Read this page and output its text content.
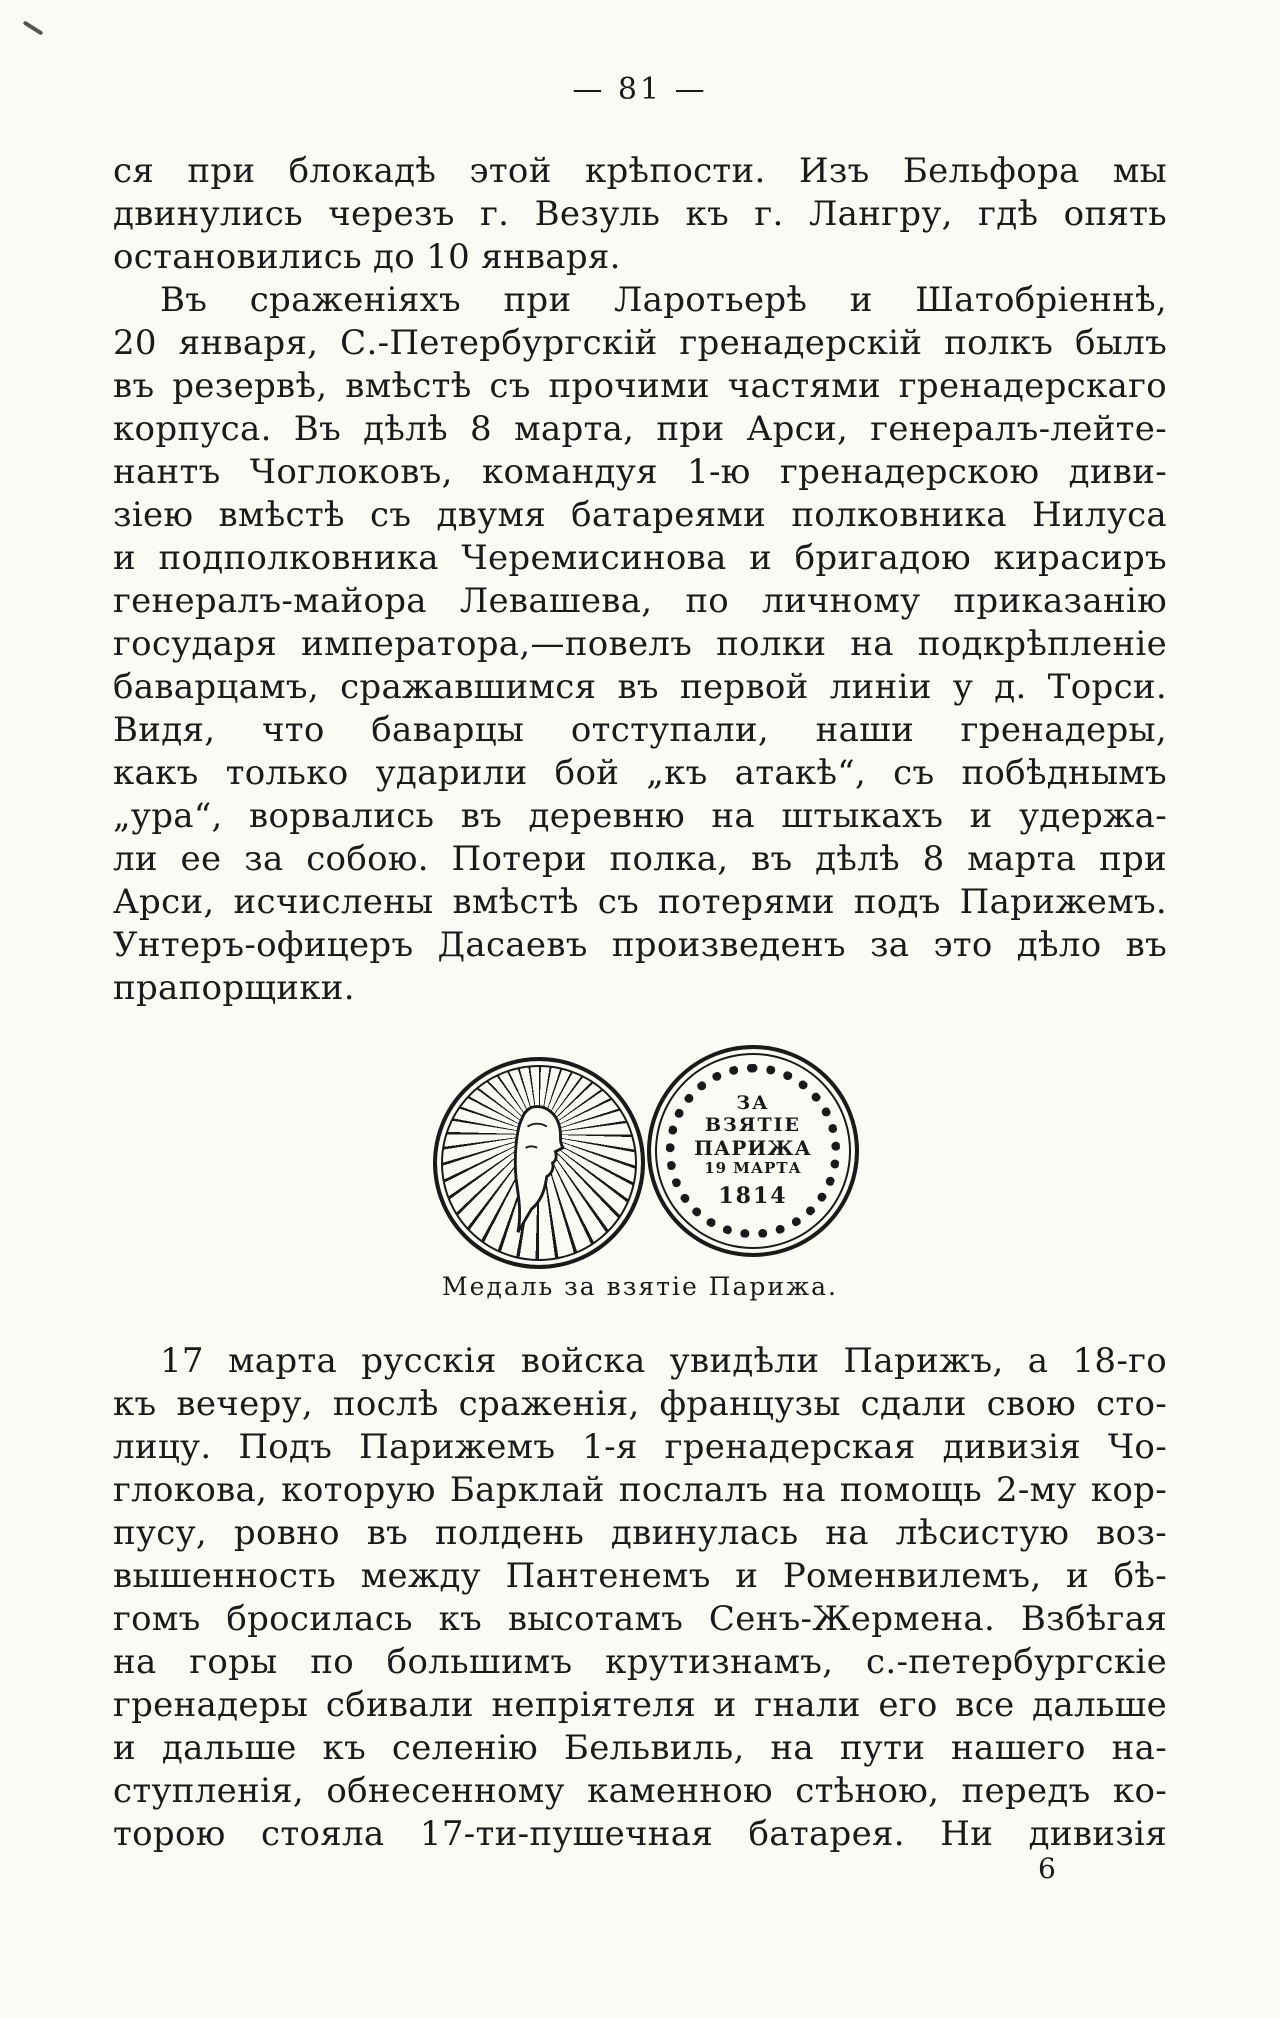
— 81 —
ся при блокадѣ этой крѣпости. Изъ Бельфора мы
двинулись черезъ г. Везуль къ г. Лангру, гдѣ опять
остановились до 10 января.
Въ сраженіяхъ при Ларотьерѣ и Шатобріеннѣ,
20 января, С.-Петербургскій гренадерскій полкъ былъ
въ резервѣ, вмѣстѣ съ прочими частями гренадерскаго
корпуса. Въ дѣлѣ 8 марта, при Арси, генералъ-лейте-
нантъ Чоглоковъ, командуя 1-ю гренадерскою диви-
зіею вмѣстѣ съ двумя батареями полковника Нилуса
и подполковника Черемисинова и бригадою кирасиръ
генералъ-майора Левашева, по личному приказанію
государя императора,—повелъ полки на подкрѣпленіе
баварцамъ, сражавшимся въ первой линіи у д. Торси.
Видя, что баварцы отступали, наши гренадеры,
какъ только ударили бой „къ атакѣ“, съ побѣднымъ
„ура“, ворвались въ деревню на штыкахъ и удержа-
ли ее за собою. Потери полка, въ дѣлѣ 8 марта при
Арси, исчислены вмѣстѣ съ потерями подъ Парижемъ.
Унтеръ-офицеръ Дасаевъ произведенъ за это дѣло въ
прапорщики.
ЗА
ВЗЯТІЕ
ПАРИЖА
19 МАРТА
1814
Медаль за взятіе Парижа.
17 марта русскія войска увидѣли Парижъ, а 18-го
къ вечеру, послѣ сраженія, французы сдали свою сто-
лицу. Подъ Парижемъ 1-я гренадерская дивизія Чо-
глокова, которую Барклай послалъ на помощь 2-му кор-
пусу, ровно въ полдень двинулась на лѣсистую воз-
вышенность между Пантенемъ и Роменвилемъ, и бѣ-
гомъ бросилась къ высотамъ Сенъ-Жермена. Взбѣгая
на горы по большимъ крутизнамъ, с.-петербургскіе
гренадеры сбивали непріятеля и гнали его все дальше
и дальше къ селенію Бельвиль, на пути нашего на-
ступленія, обнесенному каменною стѣною, передъ ко-
торою стояла 17-ти-пушечная батарея. Ни дивизія
6
